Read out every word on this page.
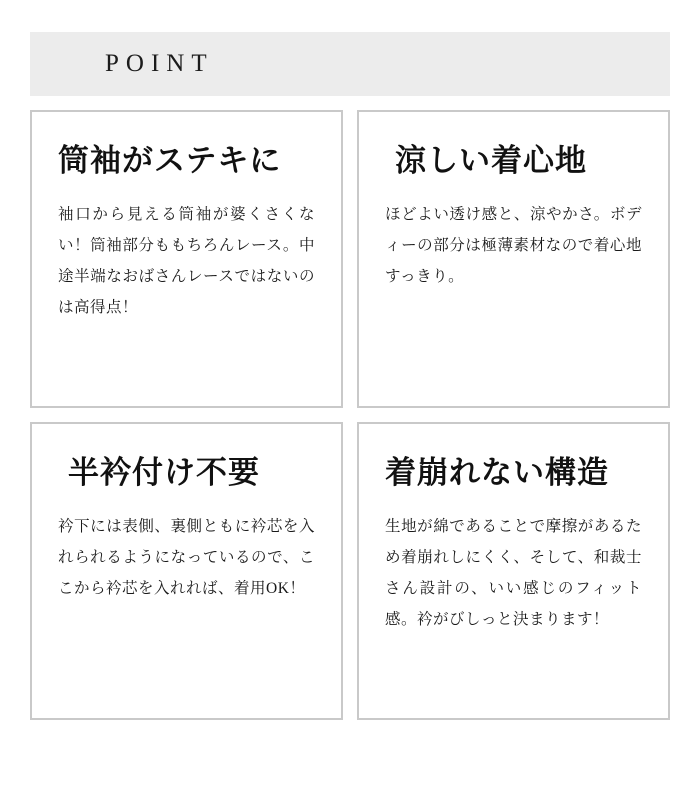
POINT
筒袖がステキに

袖口から見える筒袖が婆くさくない！筒袖部分ももちろんレース。中途半端なおばさんレースではないのは高得点！

涼しい着心地

ほどよい透け感と、涼やかさ。ボディーの部分は極薄素材なので着心地すっきり。

半衿付け不要

衿下には表側、裏側ともに衿芯を入れられるようになっているので、ここから衿芯を入れれば、着用OK！

着崩れない構造

生地が綿であることで摩擦があるため着崩れしにくく、そして、和裁士さん設計の、いい感じのフィット感。衿がびしっと決まります！
